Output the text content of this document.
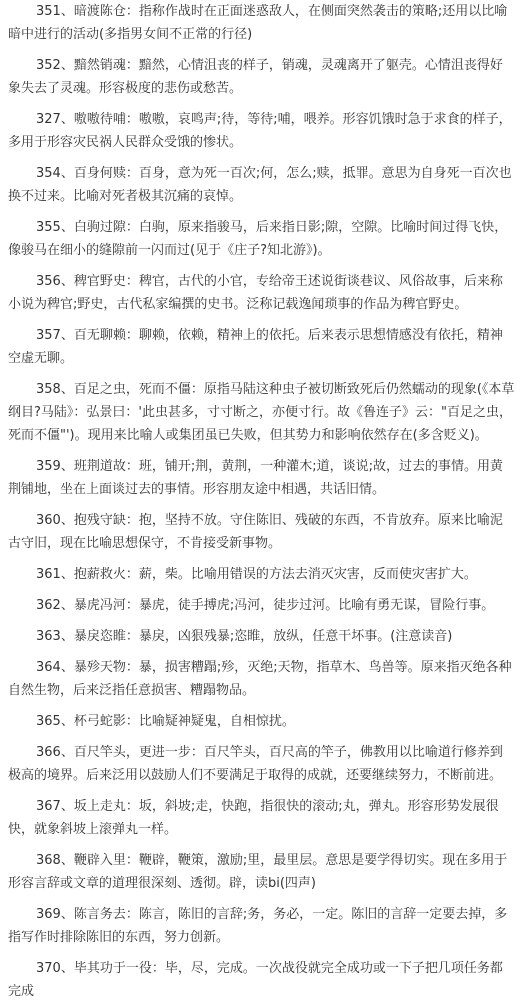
351、暗渡陈仓：指称作战时在正面迷惑敌人，在侧面突然袭击的策略;还用以比喻暗中进行的活动(多指男女间不正常的行径)

352、黯然销魂：黯然，心情沮丧的样子，销魂，灵魂离开了躯壳。心情沮丧得好象失去了灵魂。形容极度的悲伤或愁苦。

327、嗷嗷待哺：嗷嗷，哀鸣声;待，等待;哺，喂养。形容饥饿时急于求食的样子，多用于形容灾民祸人民群众受饿的惨状。

354、百身何赎：百身，意为死一百次;何，怎么;赎，抵罪。意思为自身死一百次也换不过来。比喻对死者极其沉痛的哀悼。

355、白驹过隙：白驹，原来指骏马，后来指日影;隙，空隙。比喻时间过得飞快，像骏马在细小的缝隙前一闪而过(见于《庄子?知北游》)。

356、稗官野史：稗官，古代的小官，专给帝王述说街谈巷议、风俗故事，后来称小说为稗官;野史，古代私家编撰的史书。泛称记载逸闻琐事的作品为稗官野史。

357、百无聊赖：聊赖，依赖，精神上的依托。后来表示思想情感没有依托，精神空虚无聊。

358、百足之虫，死而不僵：原指马陆这种虫子被切断致死后仍然蠕动的现象(《本草纲目?马陆》：弘景曰：'此虫甚多，寸寸断之，亦便寸行。故《鲁连子》云："百足之虫，死而不僵"')。现用来比喻人或集团虽已失败，但其势力和影响依然存在(多含贬义)。

359、班荆道故：班，铺开;荆，黄荆，一种灌木;道，谈说;故，过去的事情。用黄荆铺地，坐在上面谈过去的事情。形容朋友途中相遇，共话旧情。

360、抱残守缺：抱，坚持不放。守住陈旧、残破的东西，不肯放弃。原来比喻泥古守旧，现在比喻思想保守，不肯接受新事物。

361、抱薪救火：薪，柴。比喻用错误的方法去消灭灾害，反而使灾害扩大。

362、暴虎冯河：暴虎，徒手搏虎;冯河，徒步过河。比喻有勇无谋，冒险行事。

363、暴戾恣睢：暴戾，凶狠残暴;恣睢，放纵，任意干坏事。(注意读音)

364、暴殄天物：暴，损害糟蹋;殄，灭绝;天物，指草木、鸟兽等。原来指灭绝各种自然生物，后来泛指任意损害、糟蹋物品。

365、杯弓蛇影：比喻疑神疑鬼，自相惊扰。

366、百尺竿头，更进一步：百尺竿头，百尺高的竿子，佛教用以比喻道行修养到极高的境界。后来泛用以鼓励人们不要满足于取得的成就，还要继续努力，不断前进。

367、坂上走丸：坂，斜坡;走，快跑，指很快的滚动;丸，弹丸。形容形势发展很快，就象斜坡上滚弹丸一样。

368、鞭辟入里：鞭辟，鞭策，激励;里，最里层。意思是要学得切实。现在多用于形容言辞或文章的道理很深刻、透彻。辟，读bi(四声)

369、陈言务去：陈言，陈旧的言辞;务，务必，一定。陈旧的言辞一定要去掉，多指写作时排除陈旧的东西，努力创新。

370、毕其功于一役：毕，尽，完成。一次战役就完全成功或一下子把几项任务都完成
